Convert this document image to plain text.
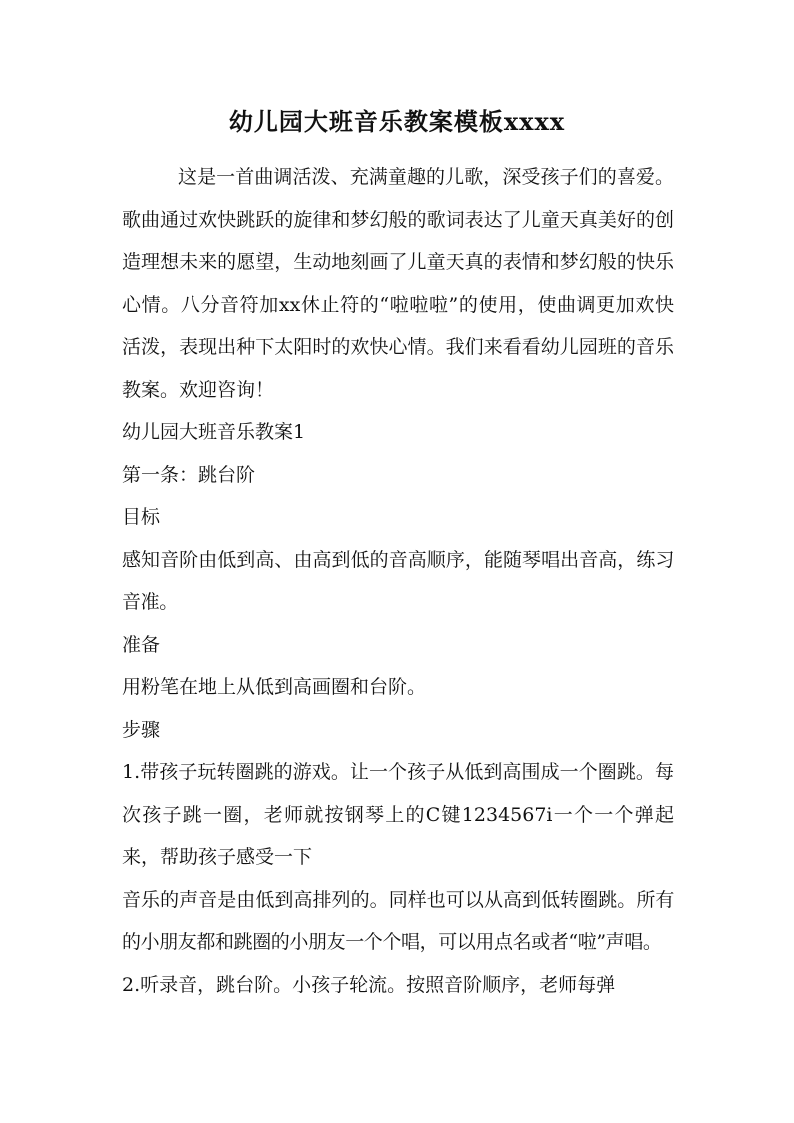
幼儿园大班音乐教案模板xxxx

这是一首曲调活泼、充满童趣的儿歌，深受孩子们的喜爱。歌曲通过欢快跳跃的旋律和梦幻般的歌词表达了儿童天真美好的创造理想未来的愿望，生动地刻画了儿童天真的表情和梦幻般的快乐心情。八分音符加xx休止符的“啦啦啦”的使用，使曲调更加欢快活泼，表现出种下太阳时的欢快心情。我们来看看幼儿园班的音乐教案。欢迎咨询！

幼儿园大班音乐教案1

第一条：跳台阶

目标

感知音阶由低到高、由高到低的音高顺序，能随琴唱出音高，练习音准。

准备

用粉笔在地上从低到高画圈和台阶。

步骤

1.带孩子玩转圈跳的游戏。让一个孩子从低到高围成一个圈跳。每次孩子跳一圈，老师就按钢琴上的C键1234567i一个一个弹起来，帮助孩子感受一下

音乐的声音是由低到高排列的。同样也可以从高到低转圈跳。所有的小朋友都和跳圈的小朋友一个个唱，可以用点名或者“啦”声唱。

2.听录音，跳台阶。小孩子轮流。按照音阶顺序，老师每弹
